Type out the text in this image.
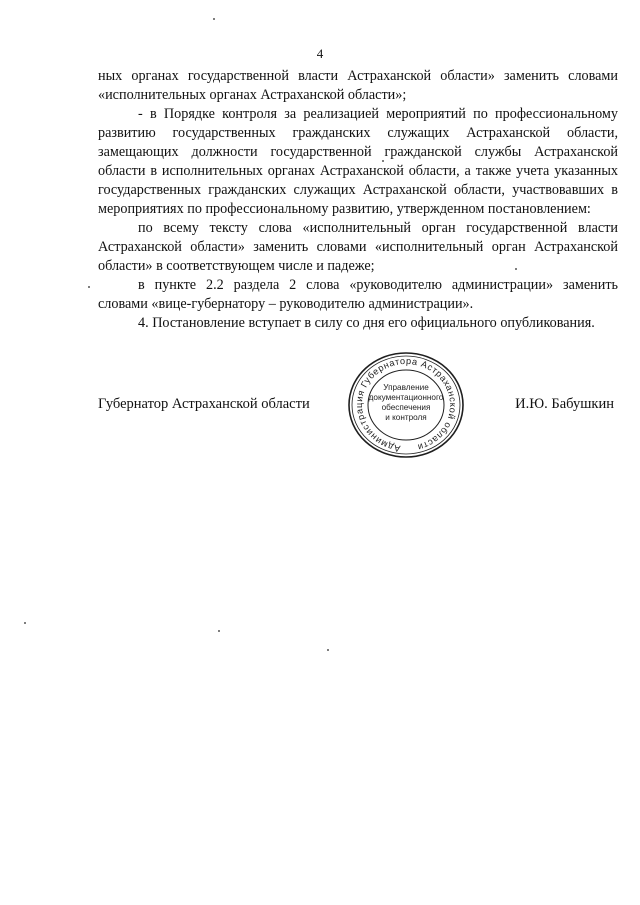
4

ных органах государственной власти Астраханской области» заменить словами «исполнительных органах Астраханской области»;

- в Порядке контроля за реализацией мероприятий по профессиональному развитию государственных гражданских служащих Астраханской области, замещающих должности государственной гражданской службы Астраханской области в исполнительных органах Астраханской области, а также учета указанных государственных гражданских служащих Астраханской области, участвовавших в мероприятиях по профессиональному развитию, утвержденном постановлением:

по всему тексту слова «исполнительный орган государственной власти Астраханской области» заменить словами «исполнительный орган Астраханской области» в соответствующем числе и падеже;

в пункте 2.2 раздела 2 слова «руководителю администрации» заменить словами «вице-губернатору – руководителю администрации».

4. Постановление вступает в силу со дня его официального опубликования.

Губернатор Астраханской области	И.Ю. Бабушкин
Администрация Губернатора Астраханской области
Управление
документационного
обеспечения
и контроля
